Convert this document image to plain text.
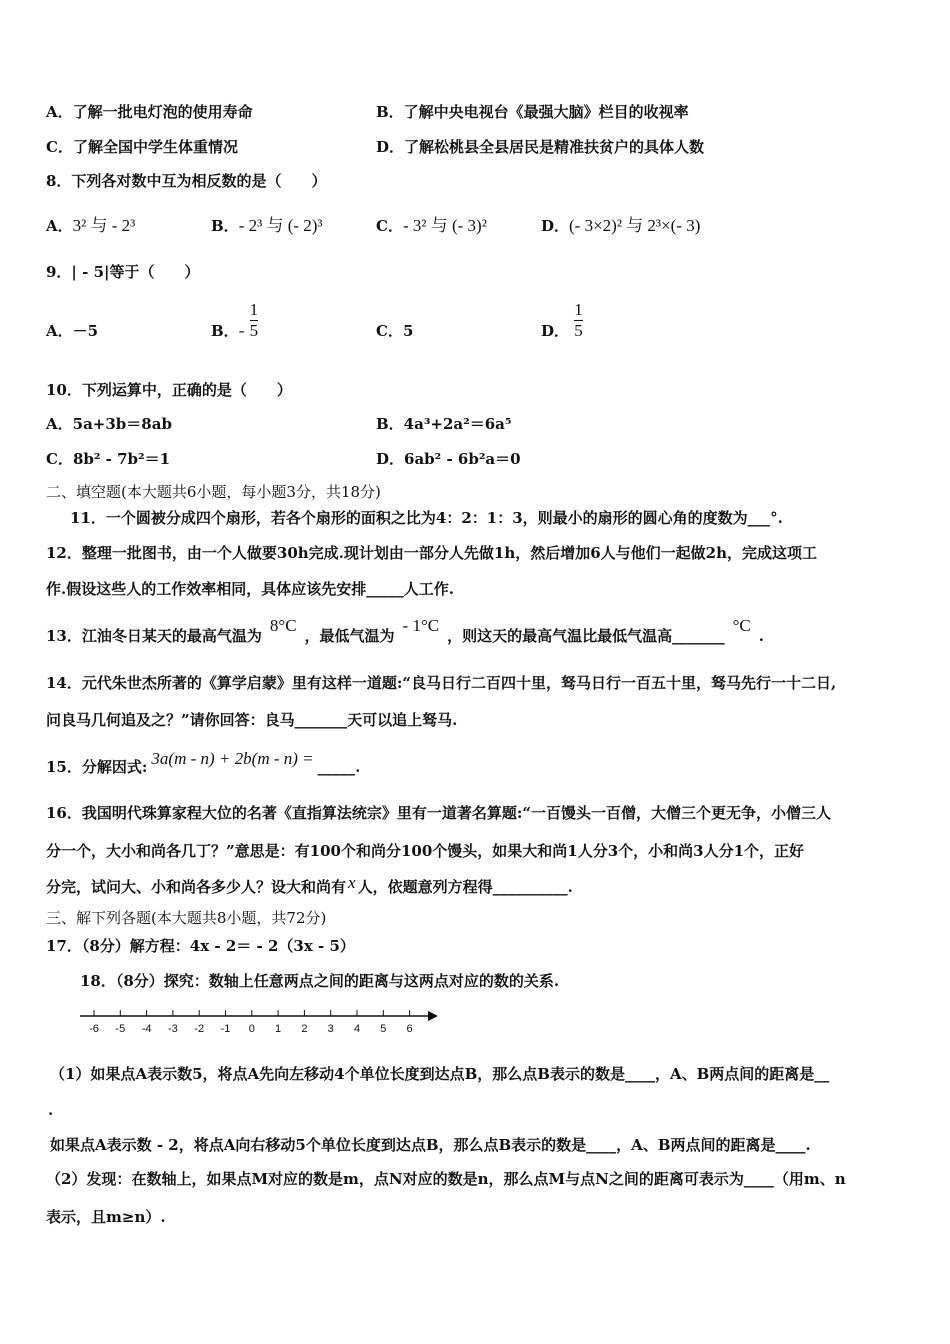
A．了解一批电灯泡的使用寿命	B．了解中央电视台《最强大脑》栏目的收视率
C．了解全国中学生体重情况	D．了解松桃县全县居民是精准扶贫户的具体人数
8．下列各对数中互为相反数的是（　　）
A．3² 与 - 2³	B．- 2³ 与 (- 2)³	C．- 3² 与 (- 3)²	D．(- 3×2)² 与 2³×(- 3)
9．| - 5|等于（　　）
A．－5	B．- $\frac{1}{5}$	C．5	D． $\frac{1}{5}$
10．下列运算中，正确的是（　　）
A．5a+3b＝8ab	B．4a³+2a²＝6a⁵
C．8b² - 7b²＝1	D．6ab² - 6b²a＝0
二、填空题(本大题共6小题，每小题3分，共18分)
11．一个圆被分成四个扇形，若各个扇形的面积之比为4：2：1：3，则最小的扇形的圆心角的度数为___°.
12．整理一批图书，由一个人做要30h完成.现计划由一部分人先做1h，然后增加6人与他们一起做2h，完成这项工
作.假设这些人的工作效率相同，具体应该先安排_____人工作.
13．江油冬日某天的最高气温为8°C，最低气温为- 1°C，则这天的最高气温比最低气温高_______°C.
14．元代朱世杰所著的《算学启蒙》里有这样一道题:“良马日行二百四十里，驽马日行一百五十里，驽马先行一十二日,
问良马几何追及之？”请你回答：良马_______天可以追上驽马.
15．分解因式: 3a(m - n) + 2b(m - n) = _____.
16．我国明代珠算家程大位的名著《直指算法统宗》里有一道著名算题:“一百馒头一百僧，大僧三个更无争，小僧三人
分一个，大小和尚各几丁？”意思是：有100个和尚分100个馒头，如果大和尚1人分3个，小和尚3人分1个，正好
分完，试问大、小和尚各多少人？设大和尚有 x 人，依题意列方程得__________.
三、解下列各题(本大题共8小题，共72分)
17．（8分）解方程：4x - 2＝ - 2（3x - 5）
18．（8分）探究：数轴上任意两点之间的距离与这两点对应的数的关系.
-6 -5 -4 -3 -2 -1 0 1 2 3 4 5 6
（1）如果点A表示数5，将点A先向左移动4个单位长度到达点B，那么点B表示的数是____，A、B两点间的距离是__
.
如果点A表示数 - 2，将点A向右移动5个单位长度到达点B，那么点B表示的数是____，A、B两点间的距离是____.
（2）发现：在数轴上，如果点M对应的数是m，点N对应的数是n，那么点M与点N之间的距离可表示为____（用m、n
表示，且m≥n）.
